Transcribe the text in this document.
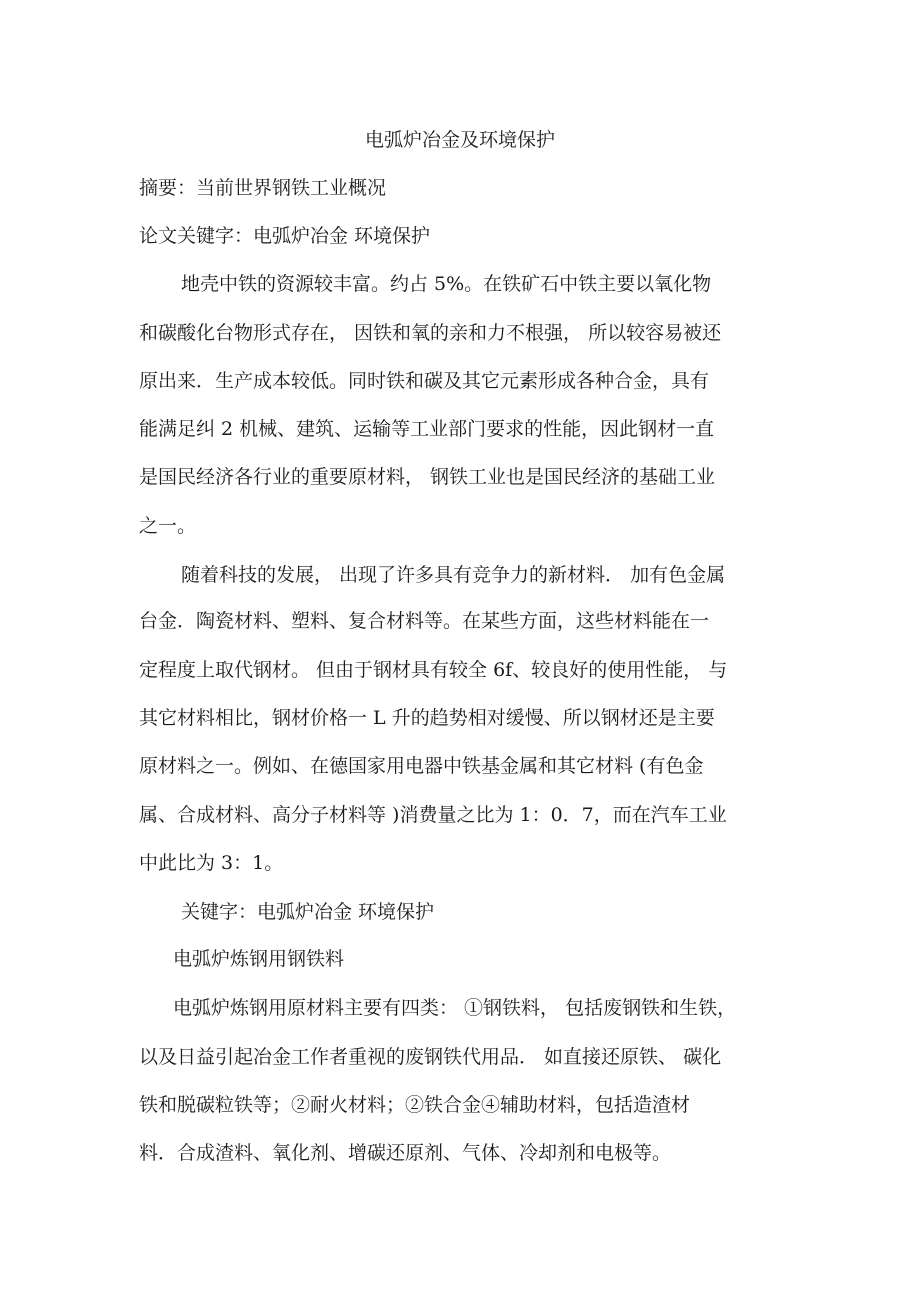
电弧炉冶金及环境保护
摘要：当前世界钢铁工业概况
论文关键字：电弧炉冶金 环境保护
地壳中铁的资源较丰富。约占 5%。在铁矿石中铁主要以氧化物
和碳酸化台物形式存在， 因铁和氧的亲和力不根强， 所以较容易被还
原出来．生产成本较低。同时铁和碳及其它元素形成各种合金，具有
能满足纠 2 机械、建筑、运输等工业部门要求的性能，因此钢材一直
是国民经济各行业的重要原材料， 钢铁工业也是国民经济的基础工业
之一。
随着科技的发展， 出现了许多具有竞争力的新材料． 加有色金属
台金．陶瓷材料、塑料、复合材料等。在某些方面，这些材料能在一
定程度上取代钢材。 但由于钢材具有较全 6f、较良好的使用性能， 与
其它材料相比，钢材价格一 L 升的趋势相对缓慢、所以钢材还是主要
原材料之一。例如、在德国家用电器中铁基金属和其它材料 (有色金
属、合成材料、高分子材料等 )消费量之比为 1：0．7，而在汽车工业
中此比为 3：1。
关键字：电弧炉冶金 环境保护
电弧炉炼钢用钢铁料
电弧炉炼钢用原材料主要有四类： ①钢铁料， 包括废钢铁和生铁，
以及日益引起冶金工作者重视的废钢铁代用品． 如直接还原铁、 碳化
铁和脱碳粒铁等；②耐火材料；②铁合金④辅助材料，包括造渣材
料．合成渣料、氧化剂、增碳还原剂、气体、冷却剂和电极等。
